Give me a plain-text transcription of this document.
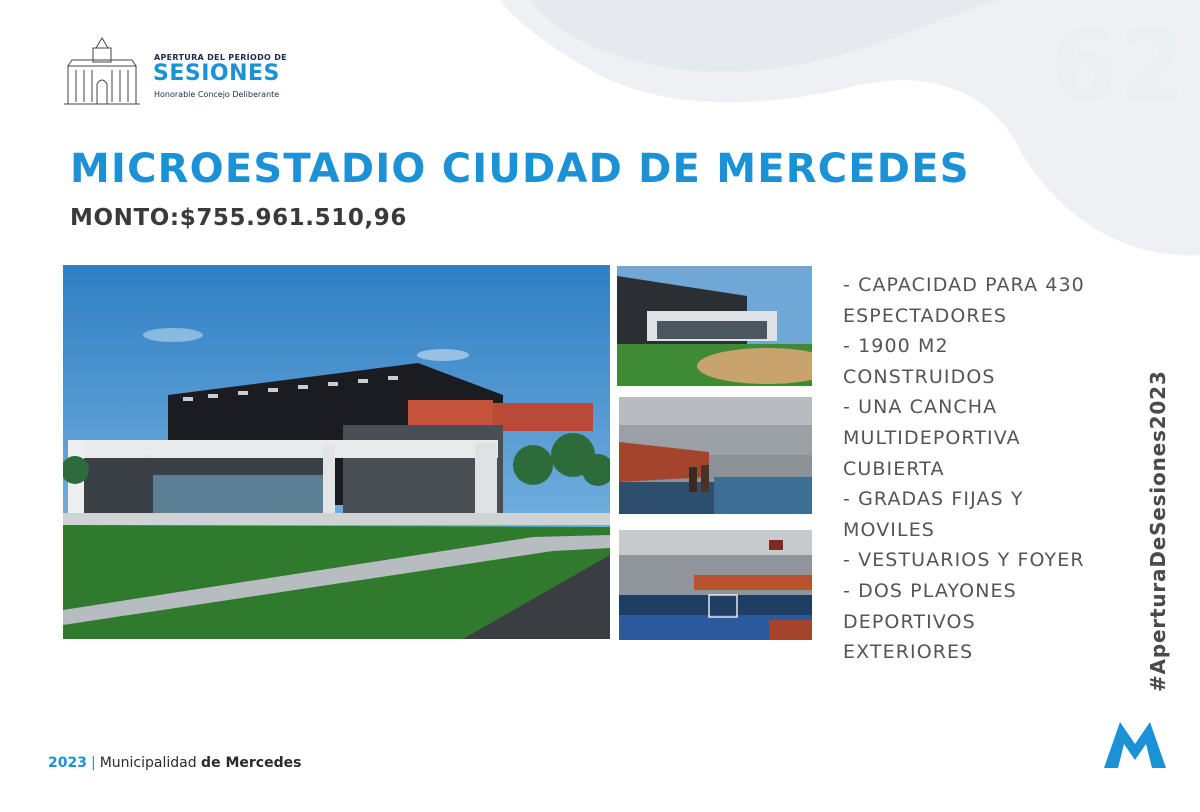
APERTURA DEL PERÍODO DE
SESIONES
Honorable Concejo Deliberante	62
MICROESTADIO CIUDAD DE MERCEDES
MONTO:$755.961.510,96
- CAPACIDAD PARA 430
ESPECTADORES
- 1900 M2 CONSTRUIDOS
- UNA CANCHA
MULTIDEPORTIVA
CUBIERTA
- GRADAS FIJAS Y
MOVILES
- VESTUARIOS Y FOYER
- DOS PLAYONES
DEPORTIVOS
EXTERIORES	#AperturaDeSesiones2023
2023 | Municipalidad de Mercedes
